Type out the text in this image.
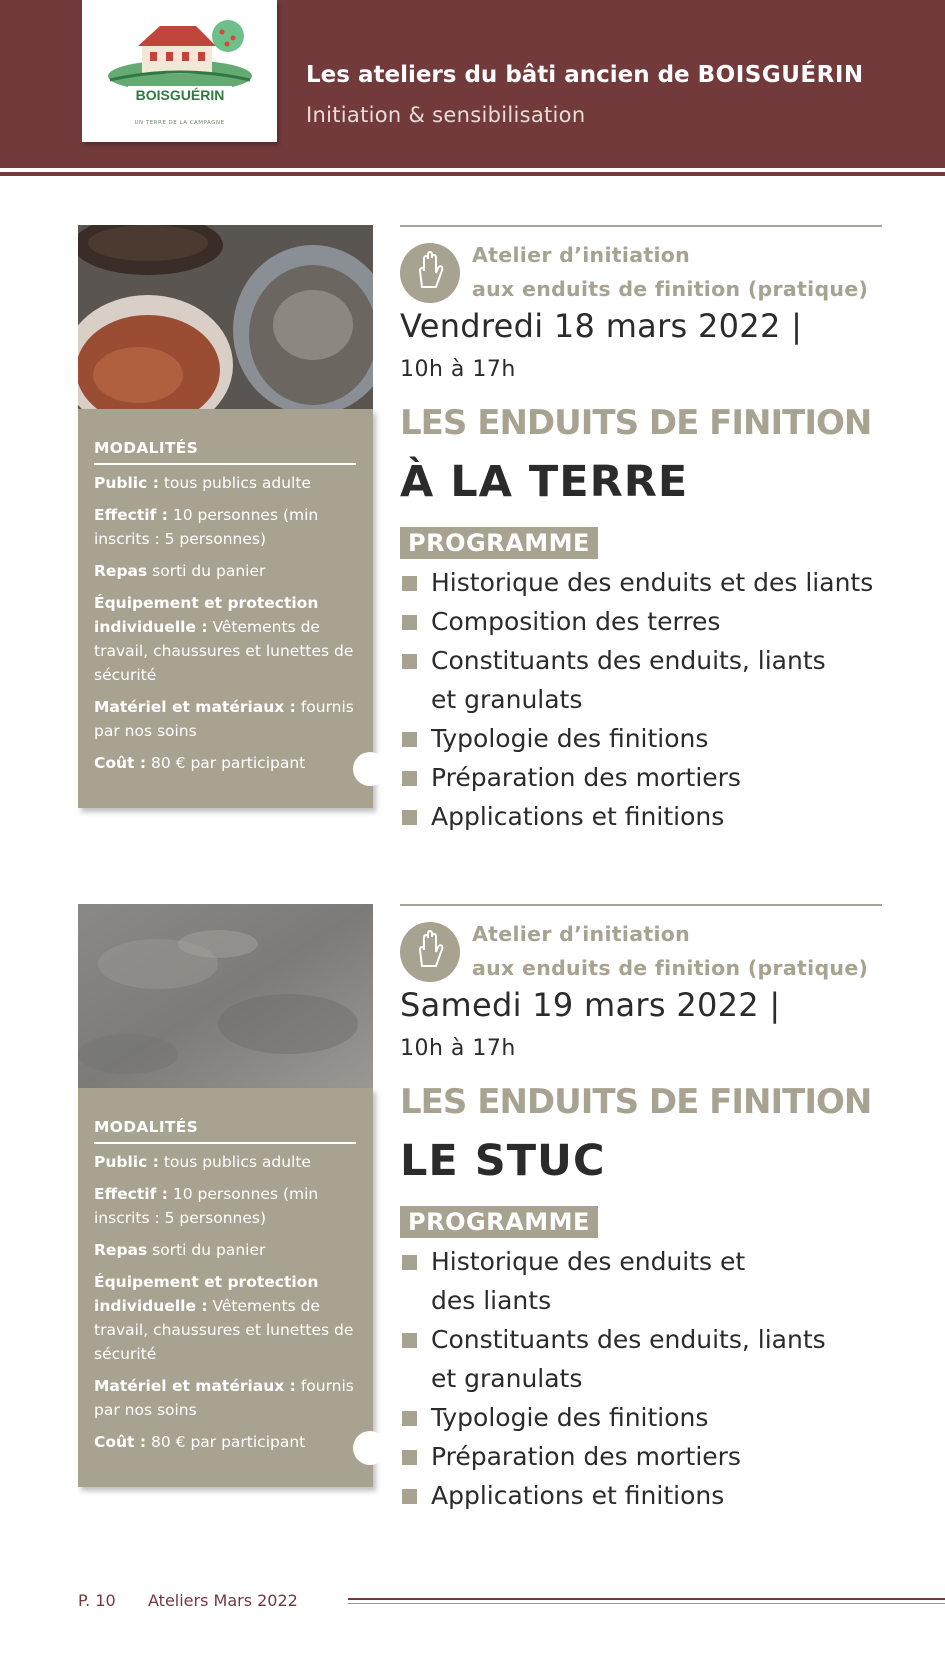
BOISGUÉRIN
UN TERRE DE LA CAMPAGNE
Les ateliers du bâti ancien de BOISGUÉRIN
Initiation & sensibilisation
MODALITÉS
Public : tous publics adulte
Effectif : 10 personnes (min inscrits : 5 personnes)
Repas sorti du panier
Équipement et protection individuelle : Vêtements de travail, chaussures et lunettes de sécurité
Matériel et matériaux : fournis par nos soins
Coût : 80 € par participant
Atelier d’initiation
aux enduits de finition (pratique)
Vendredi 18 mars 2022 |
10h à 17h
LES ENDUITS DE FINITION
À LA TERRE
PROGRAMME
Historique des enduits et des liants
Composition des terres
Constituants des enduits, liants
et granulats
Typologie des finitions
Préparation des mortiers
Applications et finitions
MODALITÉS
Public : tous publics adulte
Effectif : 10 personnes (min inscrits : 5 personnes)
Repas sorti du panier
Équipement et protection individuelle : Vêtements de travail, chaussures et lunettes de sécurité
Matériel et matériaux : fournis par nos soins
Coût : 80 € par participant
Atelier d’initiation
aux enduits de finition (pratique)
Samedi 19 mars 2022 |
10h à 17h
LES ENDUITS DE FINITION
LE STUC
PROGRAMME
Historique des enduits et
des liants
Constituants des enduits, liants
et granulats
Typologie des finitions
Préparation des mortiers
Applications et finitions
P. 10 Ateliers Mars 2022
